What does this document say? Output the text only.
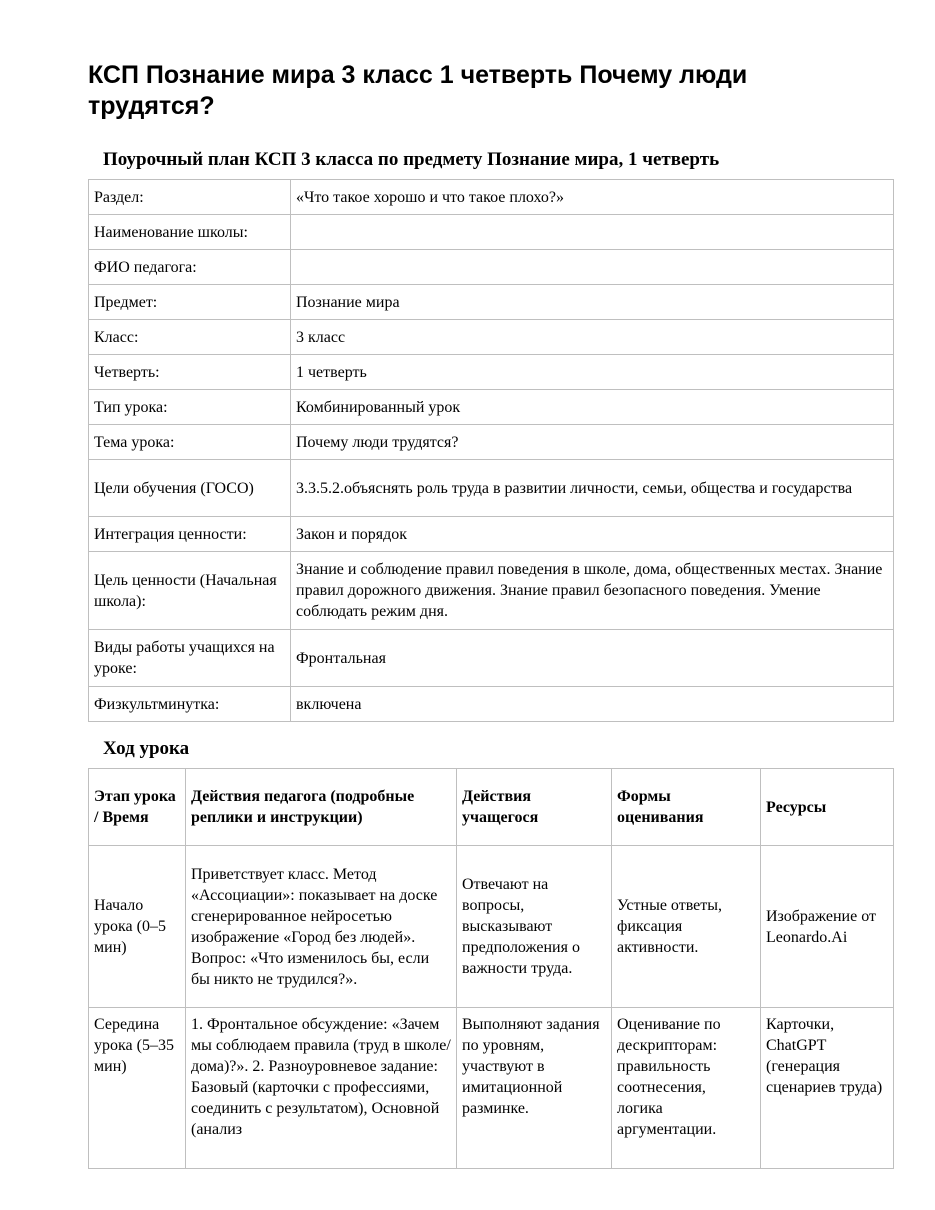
КСП Познание мира 3 класс 1 четверть Почему люди трудятся?
Поурочный план КСП 3 класса по предмету Познание мира, 1 четверть
Раздел:	«Что такое хорошо и что такое плохо?»
Наименование школы:	
ФИО педагога:	
Предмет:	Познание мира
Класс:	3 класс
Четверть:	1 четверть
Тип урока:	Комбинированный урок
Тема урока:	Почему люди трудятся?
Цели обучения (ГОСО)	3.3.5.2.объяснять роль труда в развитии личности, семьи, общества и государства
Интеграция ценности:	Закон и порядок
Цель ценности (Начальная школа):	Знание и соблюдение правил поведения в школе, дома, общественных местах. Знание правил дорожного движения. Знание правил безопасного поведения. Умение соблюдать режим дня.
Виды работы учащихся на уроке:	Фронтальная
Физкультминутка:	включена
Ход урока
Этап урока / Время	Действия педагога (подробные реплики и инструкции)	Действия учащегося	Формы оценивания	Ресурсы
Начало урока (0–5 мин)	Приветствует класс. Метод «Ассоциации»: показывает на доске сгенерированное нейросетью изображение «Город без людей». Вопрос: «Что изменилось бы, если бы никто не трудился?».	Отвечают на вопросы, высказывают предположения о важности труда.	Устные ответы, фиксация активности.	Изображение от Leonardo.Ai
Середина урока (5–35 мин)	1. Фронтальное обсуждение: «Зачем мы соблюдаем правила (труд в школе/дома)?». 2. Разноуровневое задание: Базовый (карточки с профессиями, соединить с результатом), Основной (анализ	Выполняют задания по уровням, участвуют в имитационной разминке.	Оценивание по дескрипторам: правильность соотнесения, логика аргументации.	Карточки, ChatGPT (генерация сценариев труда)
